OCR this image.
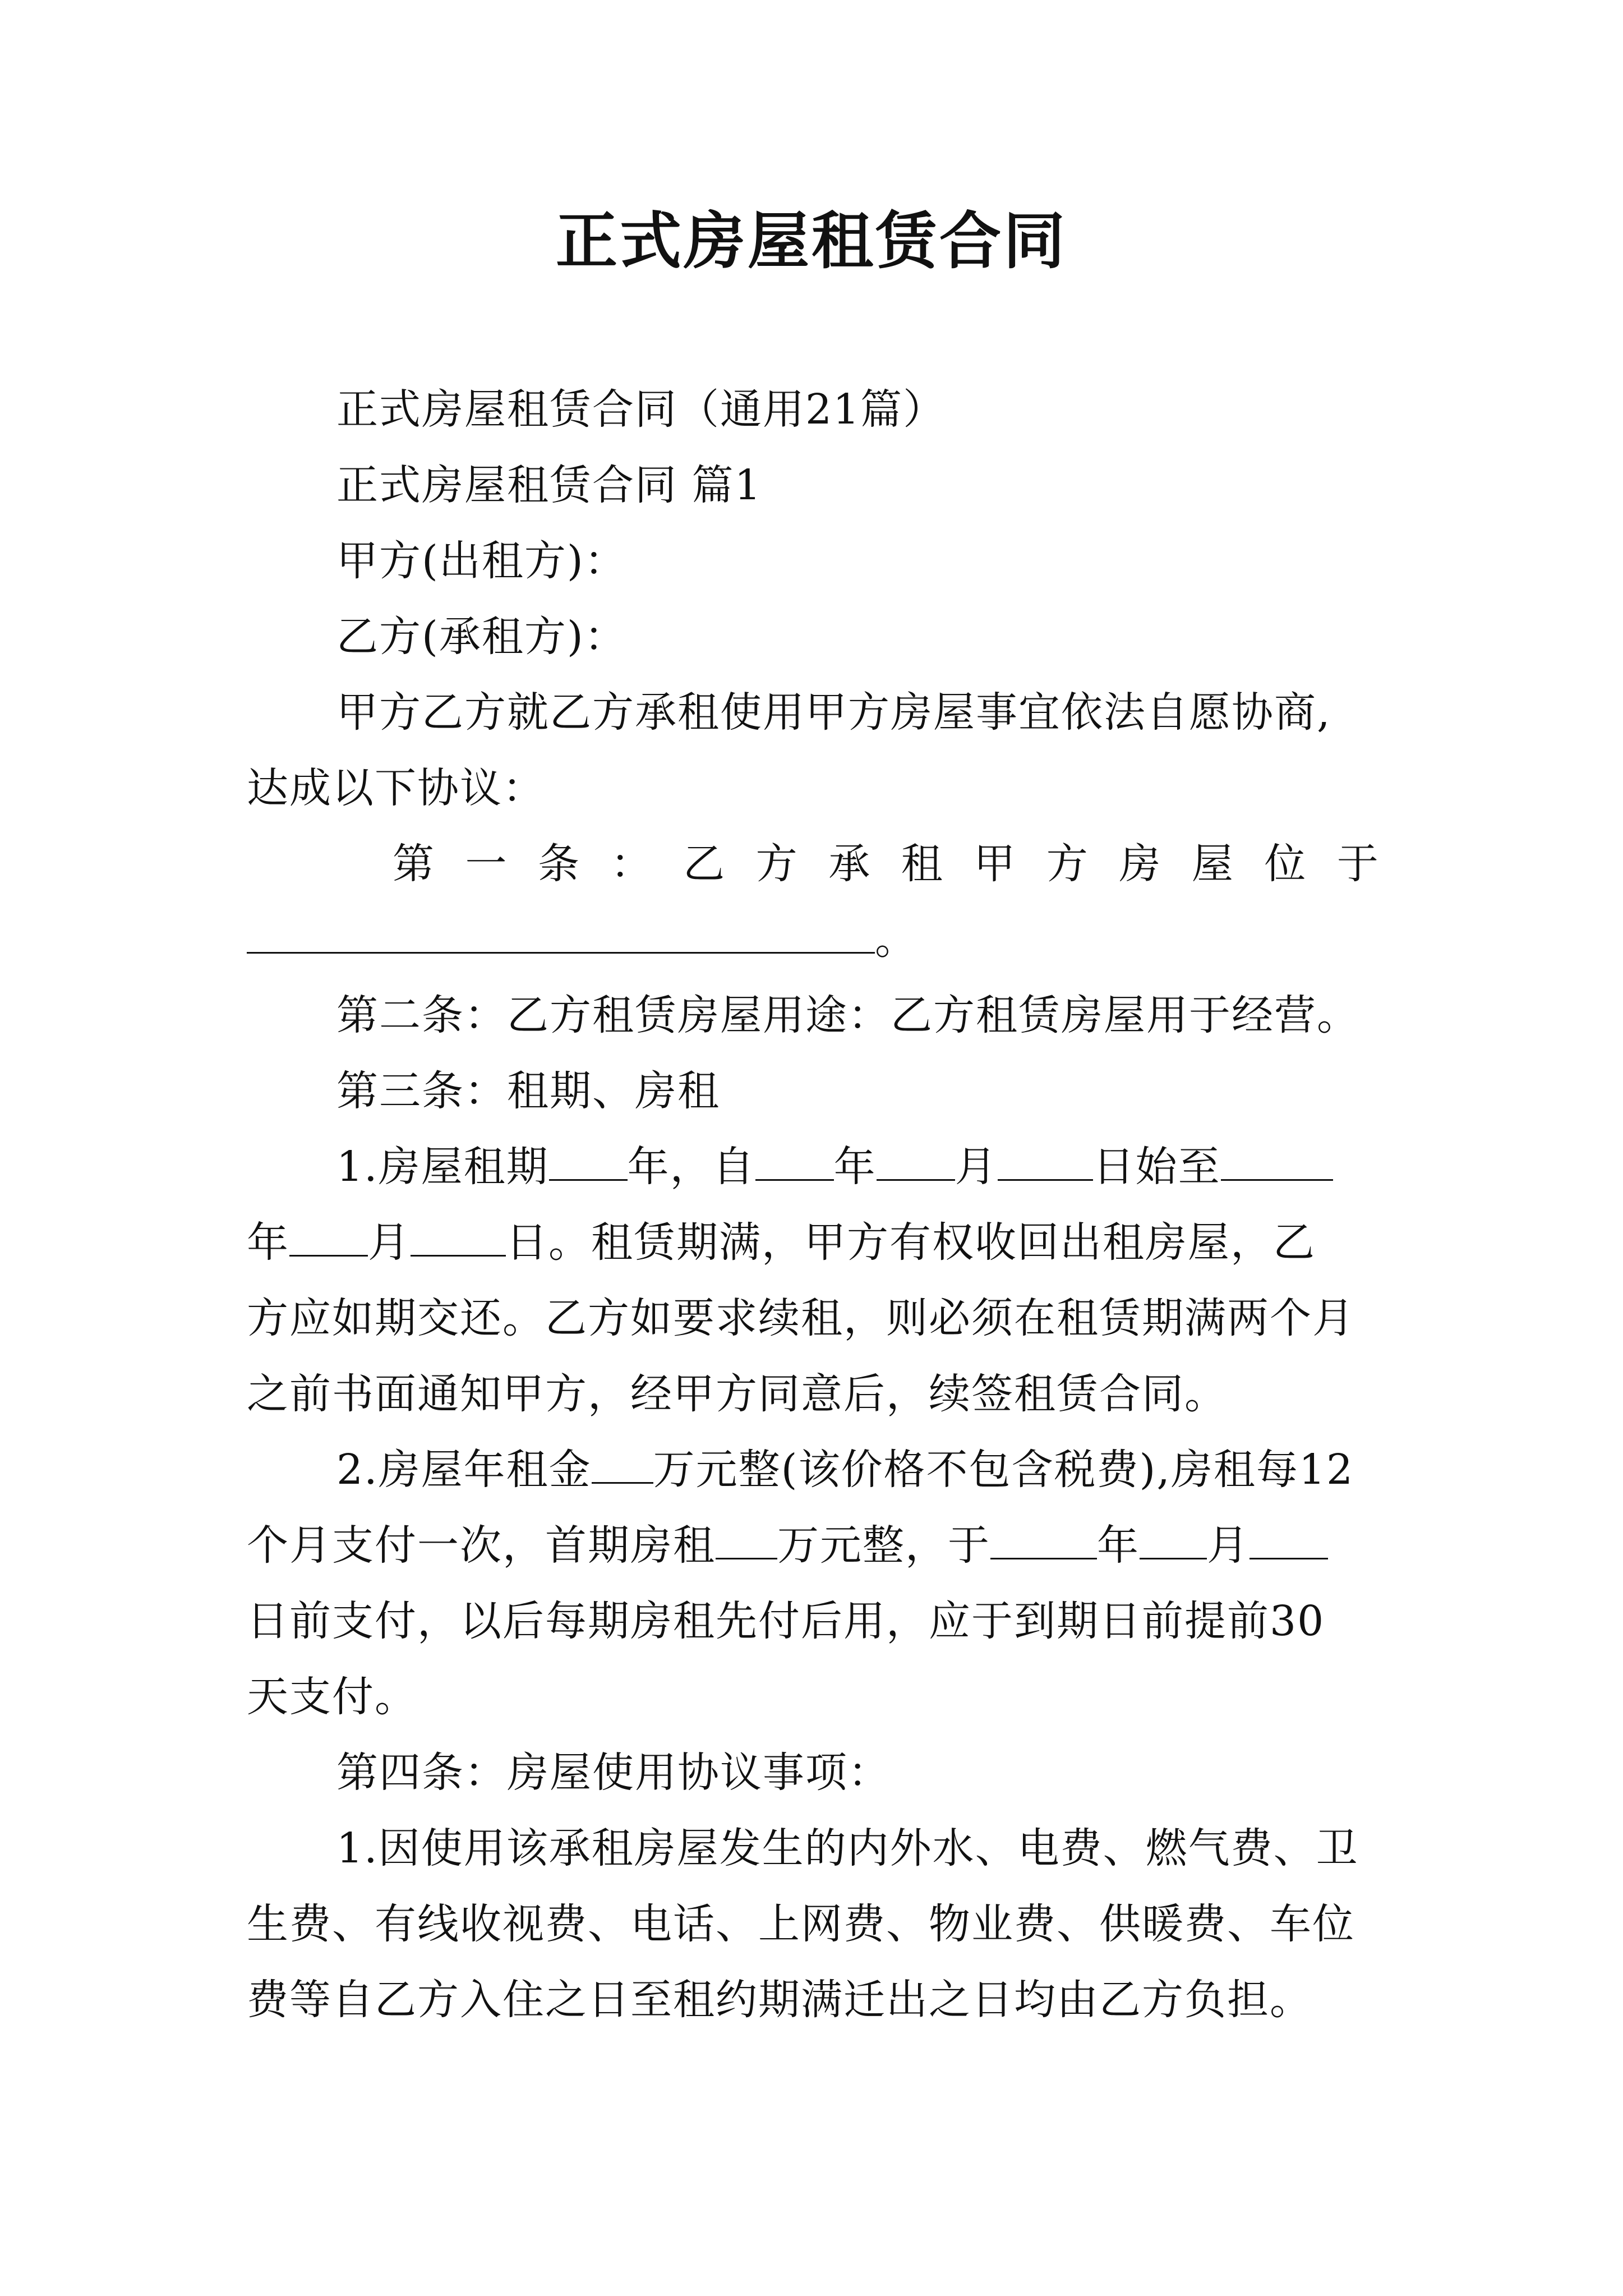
正式房屋租赁合同
正式房屋租赁合同（通用21篇）
正式房屋租赁合同 篇1
甲方(出租方)：
乙方(承租方)：
甲方乙方就乙方承租使用甲方房屋事宜依法自愿协商,
达成以下协议：
第 一 条 ： 乙 方 承 租 甲 方 房 屋 位 于
。
第二条：乙方租赁房屋用途：乙方租赁房屋用于经营。
第三条：租期、房租
1.房屋租期 年，自 年 月 日始至
年 月 日。租赁期满，甲方有权收回出租房屋，乙
方应如期交还。乙方如要求续租，则必须在租赁期满两个月
之前书面通知甲方，经甲方同意后，续签租赁合同。
2.房屋年租金 万元整(该价格不包含税费),房租每12
个月支付一次，首期房租 万元整，于	年 月
日前支付，以后每期房租先付后用，应于到期日前提前30
天支付。
第四条：房屋使用协议事项：
1.因使用该承租房屋发生的内外水、电费、燃气费、卫
生费、有线收视费、电话、上网费、物业费、供暖费、车位
费等自乙方入住之日至租约期满迁出之日均由乙方负担。
